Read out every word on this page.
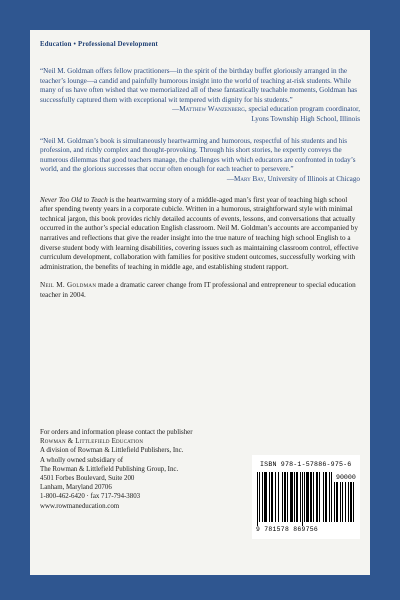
Education • Professional Development

“Neil M. Goldman offers fellow practitioners—in the spirit of the birthday buffet gloriously arranged in the teacher’s lounge—a candid and painfully humorous insight into the world of teaching at-risk students. While many of us have often wished that we memorialized all of these fantastically teachable moments, Goldman has successfully captured them with exceptional wit tempered with dignity for his students.”

—Matthew Wanzenberg, special education program coordinator,

Lyons Township High School, Illinois

“Neil M. Goldman’s book is simultaneously heartwarming and humorous, respectful of his students and his profession, and richly complex and thought-provoking. Through his short stories, he expertly conveys the numerous dilemmas that good teachers manage, the challenges with which educators are confronted in today’s world, and the glorious successes that occur often enough for each teacher to persevere.”

—Mary Bay, University of Illinois at Chicago

Never Too Old to Teach is the heartwarming story of a middle-aged man’s first year of teaching high school after spending twenty years in a corporate cubicle. Written in a humorous, straightforward style with minimal technical jargon, this book provides richly detailed accounts of events, lessons, and conversations that actually occurred in the author’s special education English classroom. Neil M. Goldman’s accounts are accompanied by narratives and reflections that give the reader insight into the true nature of teaching high school English to a diverse student body with learning disabilities, covering issues such as maintaining classroom control, effective curriculum development, collaboration with families for positive student outcomes, successfully working with administration, the benefits of teaching in middle age, and establishing student rapport.

Neil M. Goldman made a dramatic career change from IT professional and entrepreneur to special education teacher in 2004.

For orders and information please contact the publisher
Rowman & Littlefield Education
A division of Rowman & Littlefield Publishers, Inc.
A wholly owned subsidiary of
The Rowman & Littlefield Publishing Group, Inc.
4501 Forbes Boulevard, Suite 200
Lanham, Maryland 20706
1-800-462-6420 · fax 717-794-3803
www.rowmaneducation.com
ISBN 978-1-57886-975-6
90000
9 781578 869756
